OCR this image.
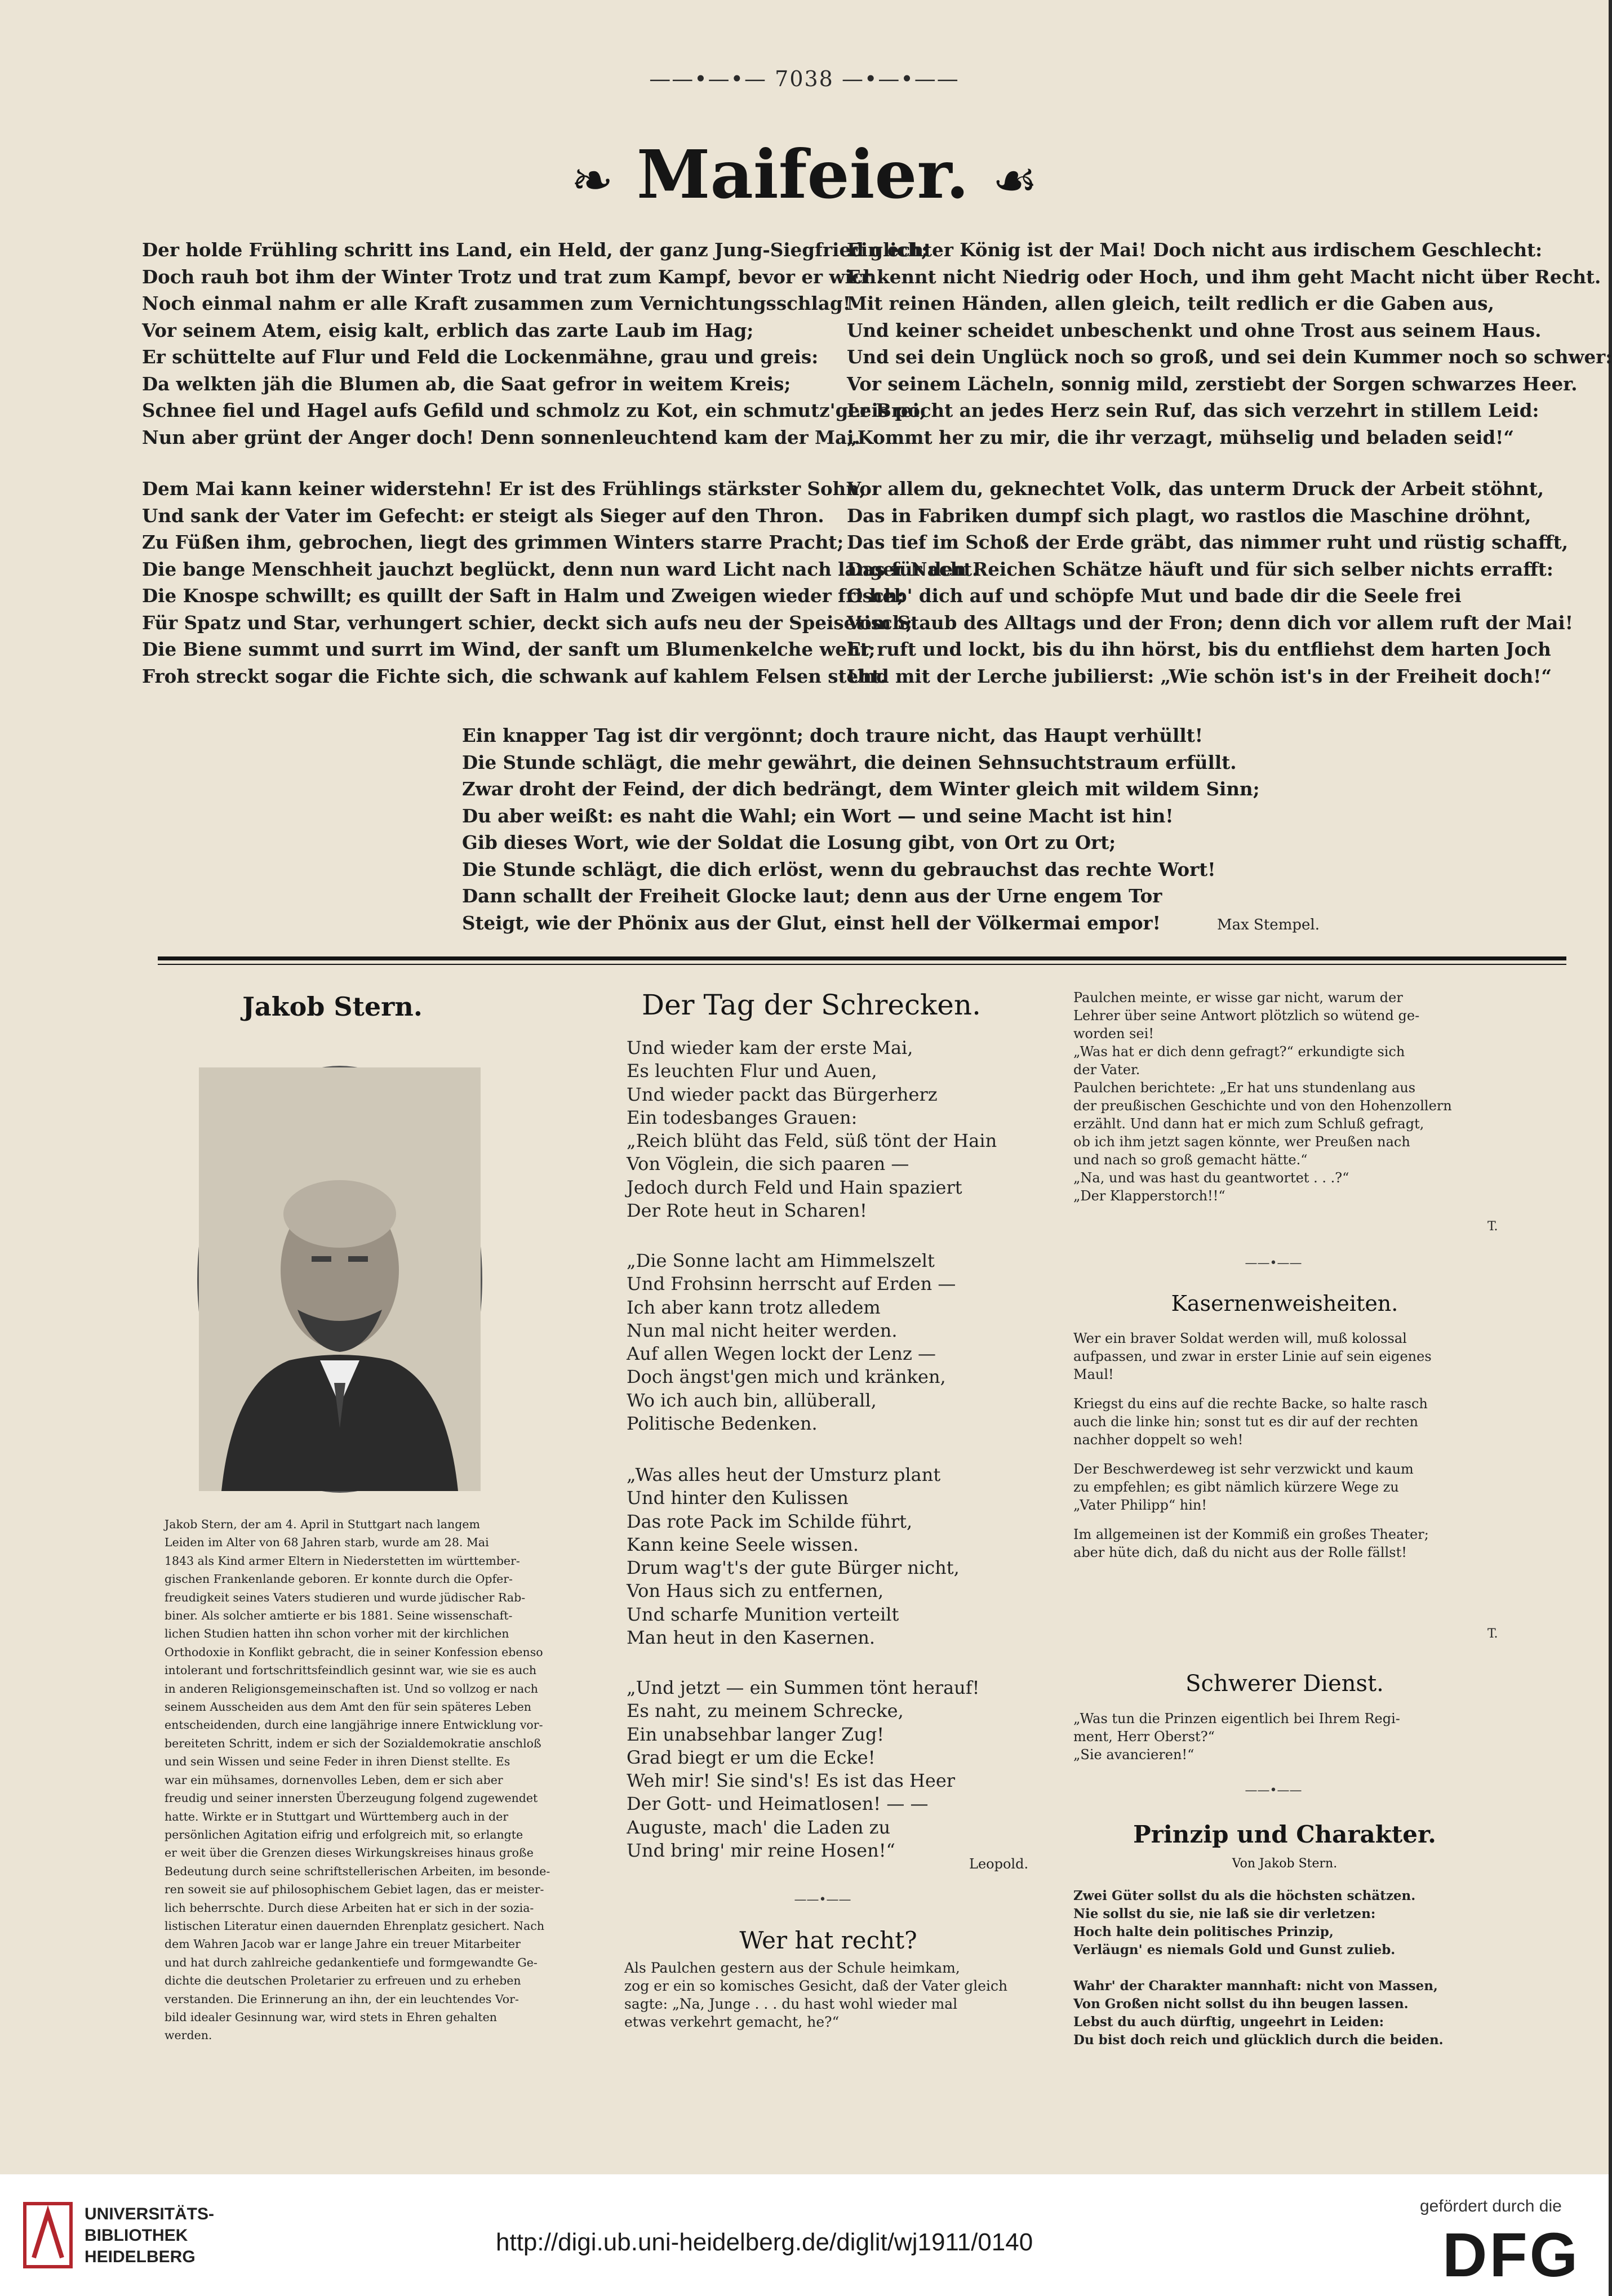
——•—•— 7038 —•—•——
❧ Maifeier. ☙
Der holde Frühling schritt ins Land, ein Held, der ganz Jung-Siegfried glich;
Doch rauh bot ihm der Winter Trotz und trat zum Kampf, bevor er wich.
Noch einmal nahm er alle Kraft zusammen zum Vernichtungsschlag!
Vor seinem Atem, eisig kalt, erblich das zarte Laub im Hag;
Er schüttelte auf Flur und Feld die Lockenmähne, grau und greis:
Da welkten jäh die Blumen ab, die Saat gefror in weitem Kreis;
Schnee fiel und Hagel aufs Gefild und schmolz zu Kot, ein schmutz'ger Brei;
Nun aber grünt der Anger doch! Denn sonnenleuchtend kam der Mai.
Dem Mai kann keiner widerstehn! Er ist des Frühlings stärkster Sohn;
Und sank der Vater im Gefecht: er steigt als Sieger auf den Thron.
Zu Füßen ihm, gebrochen, liegt des grimmen Winters starre Pracht;
Die bange Menschheit jauchzt beglückt, denn nun ward Licht nach langer Nacht.
Die Knospe schwillt; es quillt der Saft in Halm und Zweigen wieder frisch;
Für Spatz und Star, verhungert schier, deckt sich aufs neu der Speisetisch;
Die Biene summt und surrt im Wind, der sanft um Blumenkelche weht;
Froh streckt sogar die Fichte sich, die schwank auf kahlem Felsen steht.
Ein echter König ist der Mai! Doch nicht aus irdischem Geschlecht:
Er kennt nicht Niedrig oder Hoch, und ihm geht Macht nicht über Recht.
Mit reinen Händen, allen gleich, teilt redlich er die Gaben aus,
Und keiner scheidet unbeschenkt und ohne Trost aus seinem Haus.
Und sei dein Unglück noch so groß, und sei dein Kummer noch so schwer:
Vor seinem Lächeln, sonnig mild, zerstiebt der Sorgen schwarzes Heer.
Leis pocht an jedes Herz sein Ruf, das sich verzehrt in stillem Leid:
„Kommt her zu mir, die ihr verzagt, mühselig und beladen seid!“
Vor allem du, geknechtet Volk, das unterm Druck der Arbeit stöhnt,
Das in Fabriken dumpf sich plagt, wo rastlos die Maschine dröhnt,
Das tief im Schoß der Erde gräbt, das nimmer ruht und rüstig schafft,
Das für den Reichen Schätze häuft und für sich selber nichts errafft:
O heb' dich auf und schöpfe Mut und bade dir die Seele frei
Vom Staub des Alltags und der Fron; denn dich vor allem ruft der Mai!
Er ruft und lockt, bis du ihn hörst, bis du entfliehst dem harten Joch
Und mit der Lerche jubilierst: „Wie schön ist's in der Freiheit doch!“
Ein knapper Tag ist dir vergönnt; doch traure nicht, das Haupt verhüllt!
Die Stunde schlägt, die mehr gewährt, die deinen Sehnsuchtstraum erfüllt.
Zwar droht der Feind, der dich bedrängt, dem Winter gleich mit wildem Sinn;
Du aber weißt: es naht die Wahl; ein Wort — und seine Macht ist hin!
Gib dieses Wort, wie der Soldat die Losung gibt, von Ort zu Ort;
Die Stunde schlägt, die dich erlöst, wenn du gebrauchst das rechte Wort!
Dann schallt der Freiheit Glocke laut; denn aus der Urne engem Tor
Steigt, wie der Phönix aus der Glut, einst hell der Völkermai empor!	Max Stempel.
Jakob Stern.
Jakob Stern, der am 4. April in Stuttgart nach langem
Leiden im Alter von 68 Jahren starb, wurde am 28. Mai
1843 als Kind armer Eltern in Niederstetten im württember-
gischen Frankenlande geboren. Er konnte durch die Opfer-
freudigkeit seines Vaters studieren und wurde jüdischer Rab-
biner. Als solcher amtierte er bis 1881. Seine wissenschaft-
lichen Studien hatten ihn schon vorher mit der kirchlichen
Orthodoxie in Konflikt gebracht, die in seiner Konfession ebenso
intolerant und fortschrittsfeindlich gesinnt war, wie sie es auch
in anderen Religionsgemeinschaften ist. Und so vollzog er nach
seinem Ausscheiden aus dem Amt den für sein späteres Leben
entscheidenden, durch eine langjährige innere Entwicklung vor-
bereiteten Schritt, indem er sich der Sozialdemokratie anschloß
und sein Wissen und seine Feder in ihren Dienst stellte. Es
war ein mühsames, dornenvolles Leben, dem er sich aber
freudig und seiner innersten Überzeugung folgend zugewendet
hatte. Wirkte er in Stuttgart und Württemberg auch in der
persönlichen Agitation eifrig und erfolgreich mit, so erlangte
er weit über die Grenzen dieses Wirkungskreises hinaus große
Bedeutung durch seine schriftstellerischen Arbeiten, im besonde-
ren soweit sie auf philosophischem Gebiet lagen, das er meister-
lich beherrschte. Durch diese Arbeiten hat er sich in der sozia-
listischen Literatur einen dauernden Ehrenplatz gesichert. Nach
dem Wahren Jacob war er lange Jahre ein treuer Mitarbeiter
und hat durch zahlreiche gedankentiefe und formgewandte Ge-
dichte die deutschen Proletarier zu erfreuen und zu erheben
verstanden. Die Erinnerung an ihn, der ein leuchtendes Vor-
bild idealer Gesinnung war, wird stets in Ehren gehalten
werden.
Der Tag der Schrecken.
Und wieder kam der erste Mai,
Es leuchten Flur und Auen,
Und wieder packt das Bürgerherz
Ein todesbanges Grauen:
„Reich blüht das Feld, süß tönt der Hain
Von Vöglein, die sich paaren —
Jedoch durch Feld und Hain spaziert
Der Rote heut in Scharen!
„Die Sonne lacht am Himmelszelt
Und Frohsinn herrscht auf Erden —
Ich aber kann trotz alledem
Nun mal nicht heiter werden.
Auf allen Wegen lockt der Lenz —
Doch ängst'gen mich und kränken,
Wo ich auch bin, allüberall,
Politische Bedenken.
„Was alles heut der Umsturz plant
Und hinter den Kulissen
Das rote Pack im Schilde führt,
Kann keine Seele wissen.
Drum wag't's der gute Bürger nicht,
Von Haus sich zu entfernen,
Und scharfe Munition verteilt
Man heut in den Kasernen.
„Und jetzt — ein Summen tönt herauf!
Es naht, zu meinem Schrecke,
Ein unabsehbar langer Zug!
Grad biegt er um die Ecke!
Weh mir! Sie sind's! Es ist das Heer
Der Gott- und Heimatlosen! — —
Auguste, mach' die Laden zu
Und bring' mir reine Hosen!“
Leopold.
——•——
Wer hat recht?
Als Paulchen gestern aus der Schule heimkam,
zog er ein so komisches Gesicht, daß der Vater gleich
sagte: „Na, Junge . . . du hast wohl wieder mal
etwas verkehrt gemacht, he?“
Paulchen meinte, er wisse gar nicht, warum der
Lehrer über seine Antwort plötzlich so wütend ge-
worden sei!
„Was hat er dich denn gefragt?“ erkundigte sich
der Vater.
Paulchen berichtete: „Er hat uns stundenlang aus
der preußischen Geschichte und von den Hohenzollern
erzählt. Und dann hat er mich zum Schluß gefragt,
ob ich ihm jetzt sagen könnte, wer Preußen nach
und nach so groß gemacht hätte.“
„Na, und was hast du geantwortet . . .?“
„Der Klapperstorch!!“
T.
——•——
Kasernenweisheiten.
Wer ein braver Soldat werden will, muß kolossal
aufpassen, und zwar in erster Linie auf sein eigenes
Maul!
Kriegst du eins auf die rechte Backe, so halte rasch
auch die linke hin; sonst tut es dir auf der rechten
nachher doppelt so weh!
Der Beschwerdeweg ist sehr verzwickt und kaum
zu empfehlen; es gibt nämlich kürzere Wege zu
„Vater Philipp“ hin!
Im allgemeinen ist der Kommiß ein großes Theater;
aber hüte dich, daß du nicht aus der Rolle fällst!
T.
Schwerer Dienst.
„Was tun die Prinzen eigentlich bei Ihrem Regi-
ment, Herr Oberst?“
„Sie avancieren!“
——•——
Prinzip und Charakter.
Von Jakob Stern.
Zwei Güter sollst du als die höchsten schätzen.
Nie sollst du sie, nie laß sie dir verletzen:
Hoch halte dein politisches Prinzip,
Verläugn' es niemals Gold und Gunst zulieb.
Wahr' der Charakter mannhaft: nicht von Massen,
Von Großen nicht sollst du ihn beugen lassen.
Lebst du auch dürftig, ungeehrt in Leiden:
Du bist doch reich und glücklich durch die beiden.
UNIVERSITÄTS-
BIBLIOTHEK
HEIDELBERG
http://digi.ub.uni-heidelberg.de/diglit/wj1911/0140
gefördert durch die
DFG
